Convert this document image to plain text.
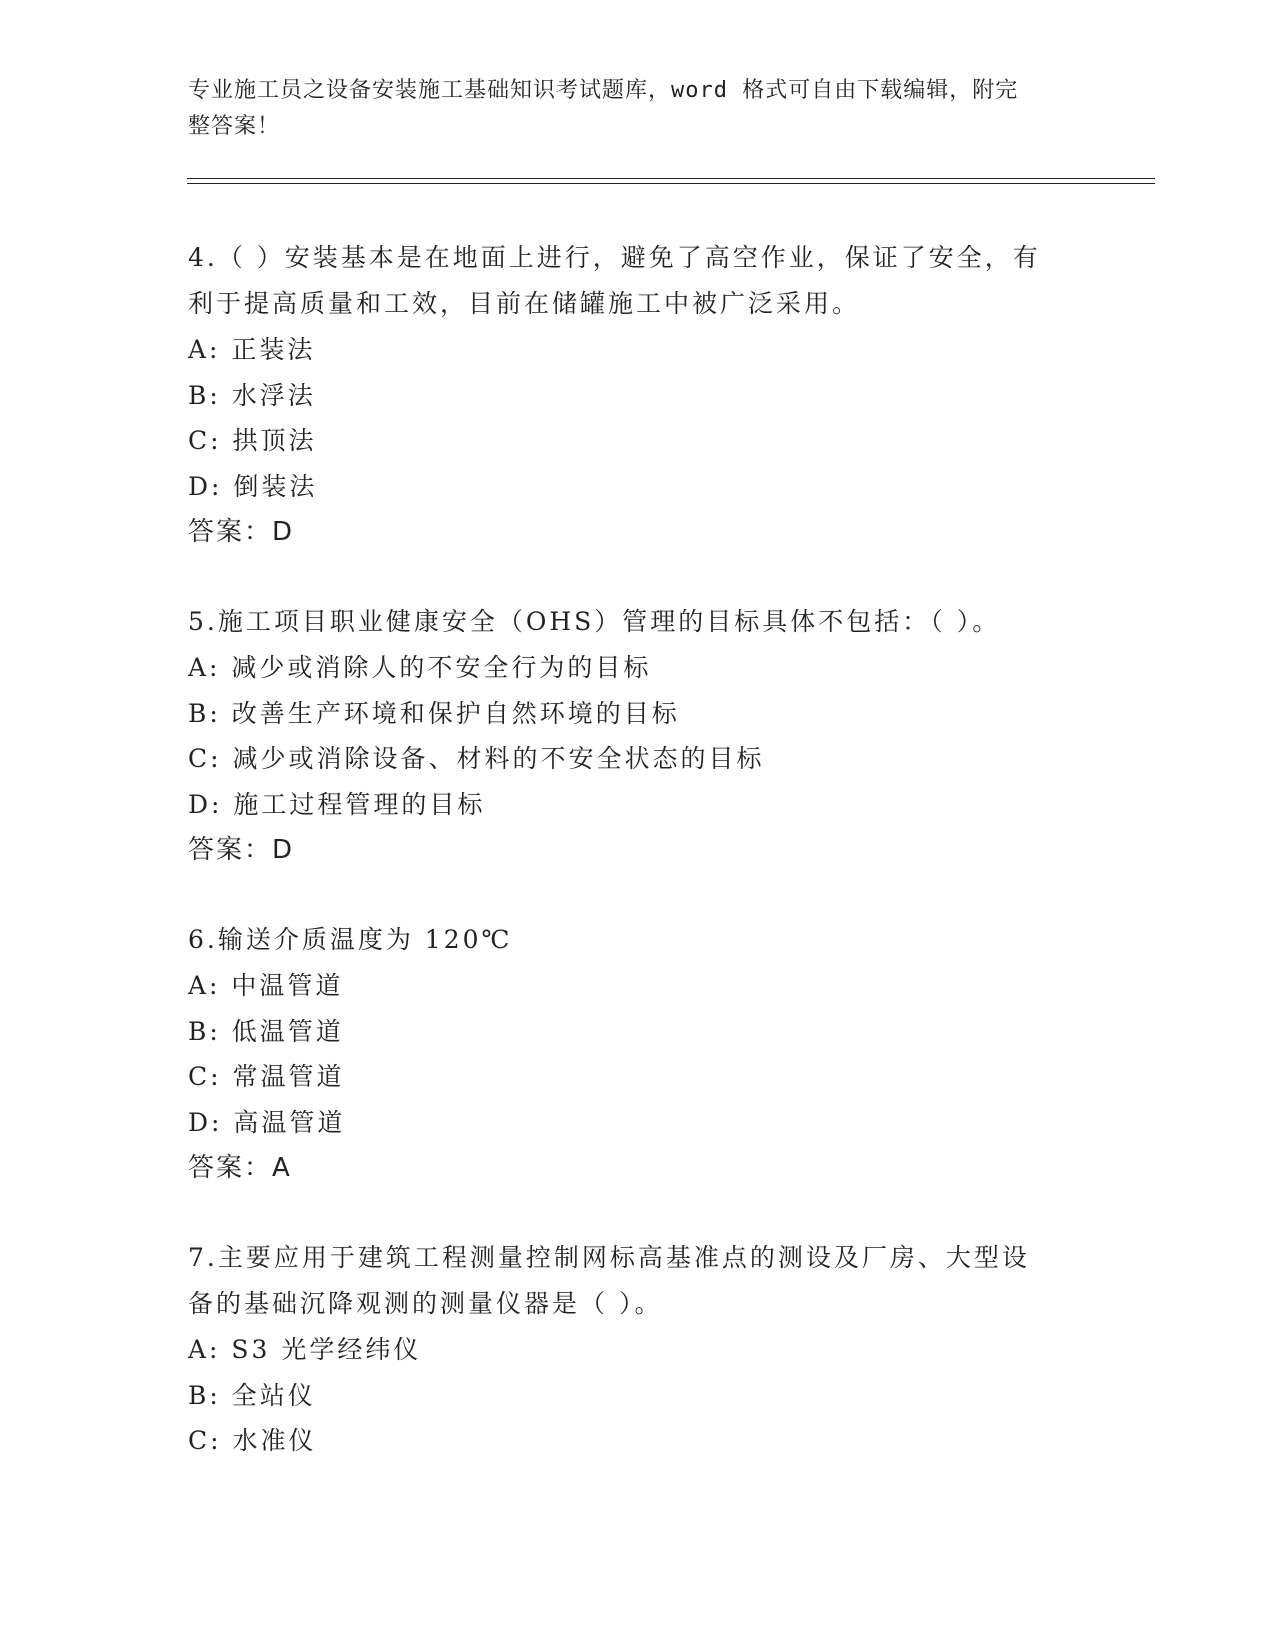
专业施工员之设备安装施工基础知识考试题库，word 格式可自由下载编辑，附完
整答案！
4.（ ）安装基本是在地面上进行，避免了高空作业，保证了安全，有
利于提高质量和工效，目前在储罐施工中被广泛采用。
A: 正装法
B: 水浮法
C: 拱顶法
D: 倒装法
答案：D
5.施工项目职业健康安全（OHS）管理的目标具体不包括：（ ）。
A: 减少或消除人的不安全行为的目标
B: 改善生产环境和保护自然环境的目标
C: 减少或消除设备、材料的不安全状态的目标
D: 施工过程管理的目标
答案：D
6.输送介质温度为 120℃
A: 中温管道
B: 低温管道
C: 常温管道
D: 高温管道
答案：A
7.主要应用于建筑工程测量控制网标高基准点的测设及厂房、大型设
备的基础沉降观测的测量仪器是（ ）。
A: S3 光学经纬仪
B: 全站仪
C: 水准仪
